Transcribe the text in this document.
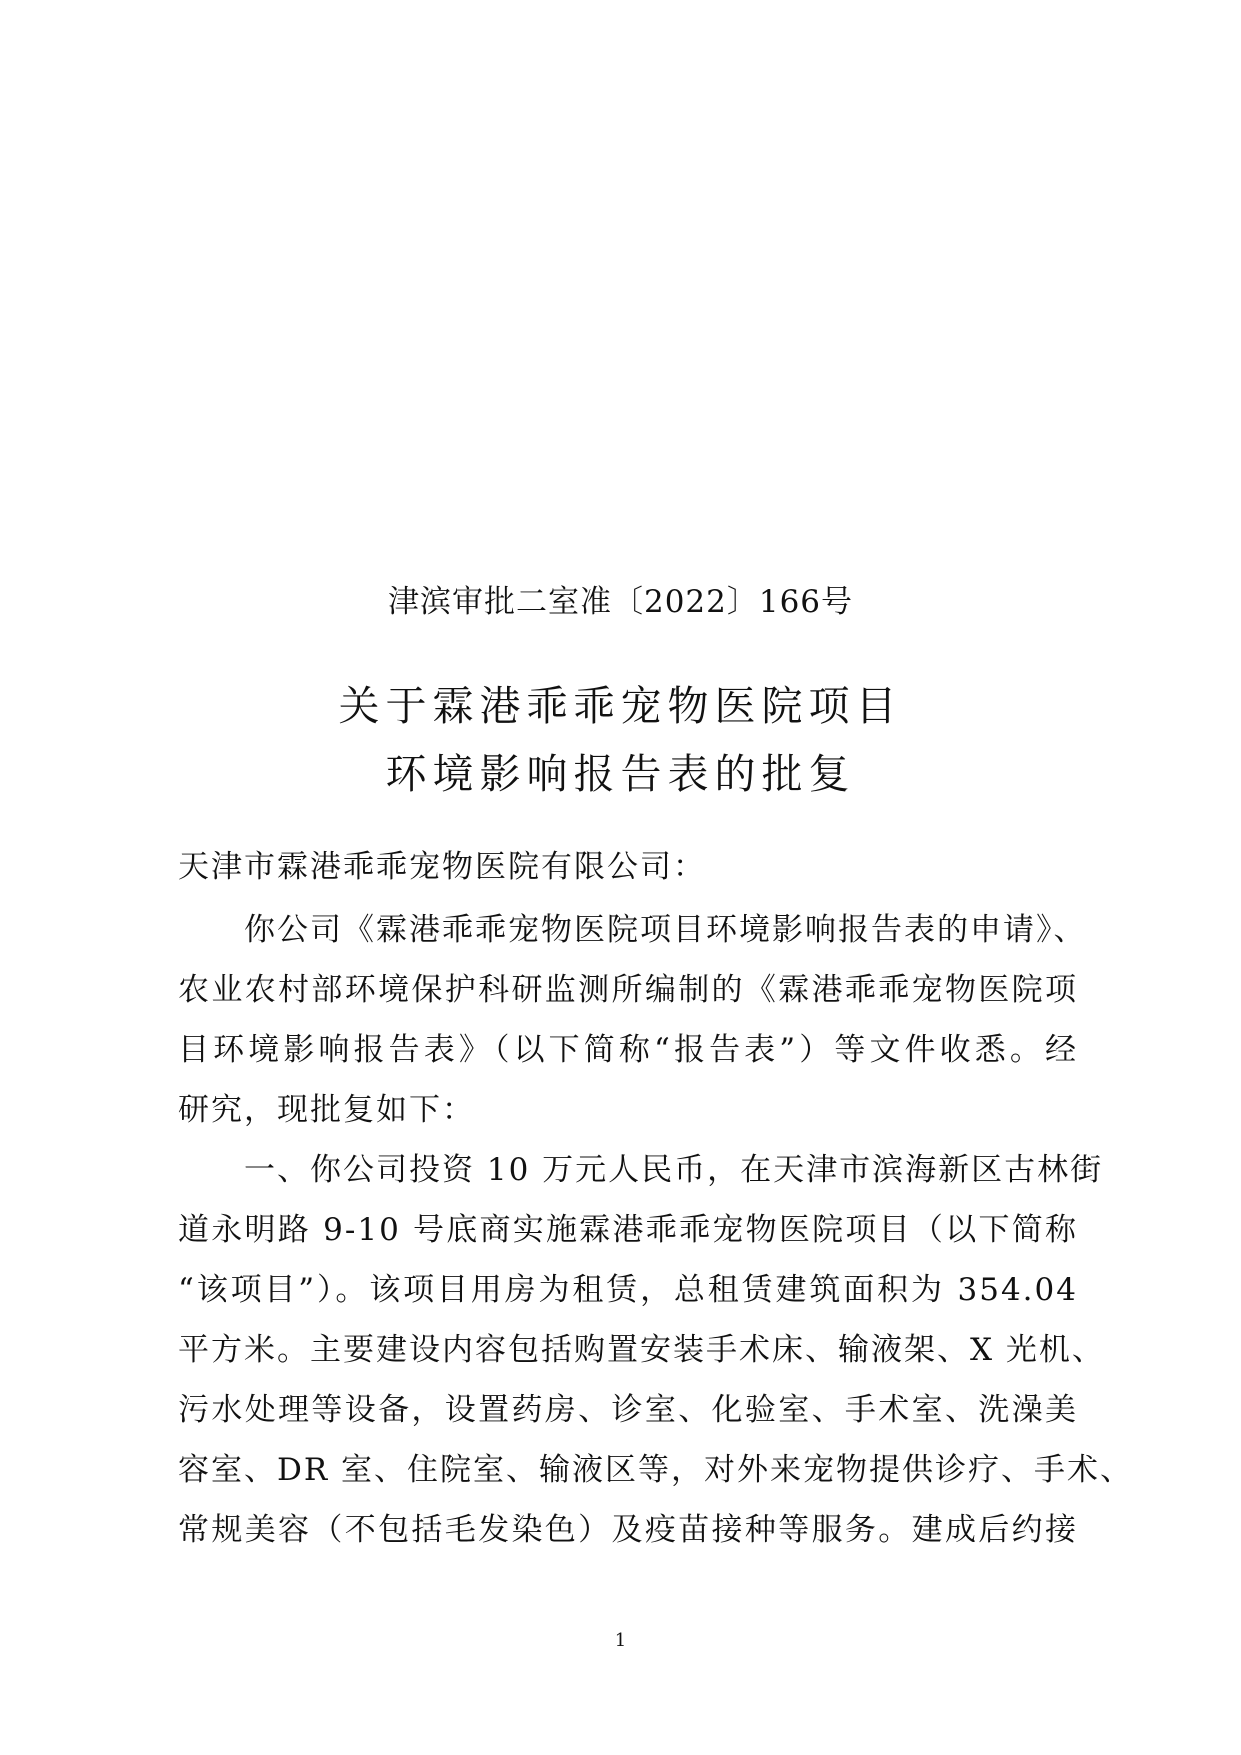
津滨审批二室准〔2022〕166号
关于霖港乖乖宠物医院项目
环境影响报告表的批复
天津市霖港乖乖宠物医院有限公司：
你公司《霖港乖乖宠物医院项目环境影响报告表的申请》、
农业农村部环境保护科研监测所编制的《霖港乖乖宠物医院项
目环境影响报告表》（以下简称“报告表”）等文件收悉。经
研究，现批复如下：
一、你公司投资 10 万元人民币，在天津市滨海新区古林街
道永明路 9-10 号底商实施霖港乖乖宠物医院项目（以下简称
“该项目”）。该项目用房为租赁，总租赁建筑面积为 354.04
平方米。主要建设内容包括购置安装手术床、输液架、X 光机、
污水处理等设备，设置药房、诊室、化验室、手术室、洗澡美
容室、DR 室、住院室、输液区等，对外来宠物提供诊疗、手术、
常规美容（不包括毛发染色）及疫苗接种等服务。建成后约接
1
